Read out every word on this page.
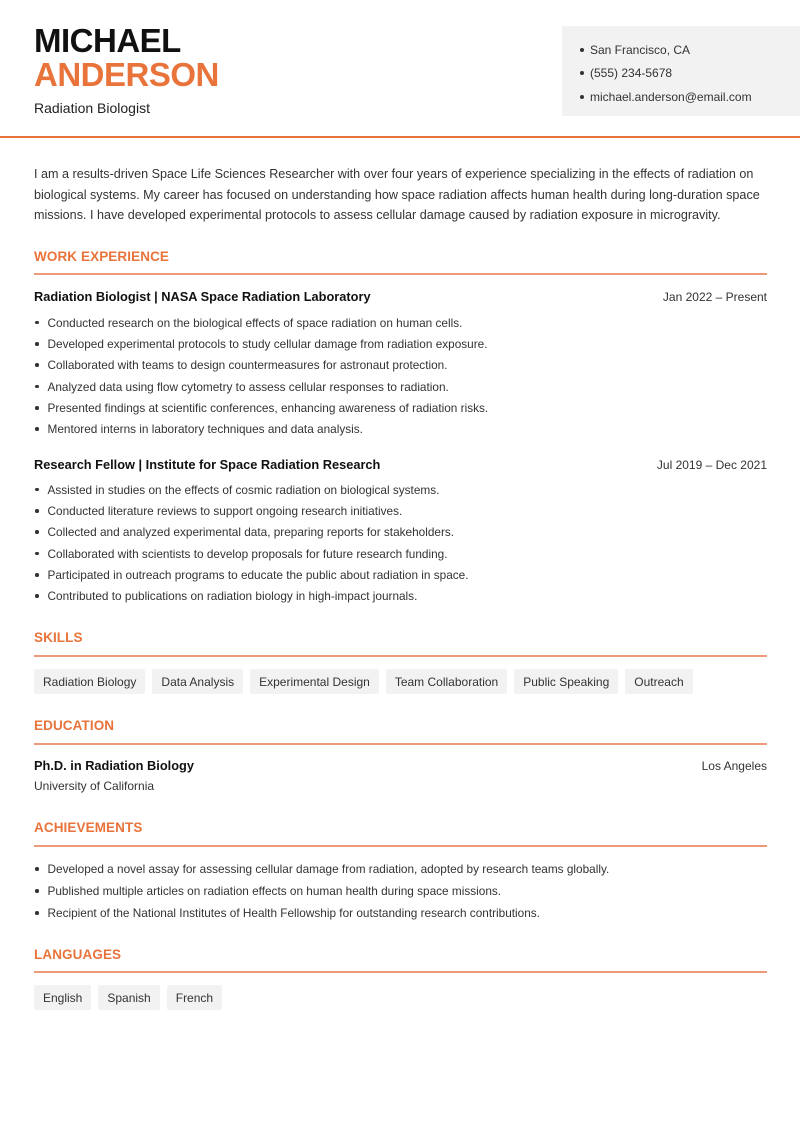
MICHAEL
ANDERSON
Radiation Biologist
San Francisco, CA
(555) 234-5678
michael.anderson@email.com

I am a results-driven Space Life Sciences Researcher with over four years of experience specializing in the effects of radiation on biological systems. My career has focused on understanding how space radiation affects human health during long-duration space missions. I have developed experimental protocols to assess cellular damage caused by radiation exposure in microgravity.

WORK EXPERIENCE
Radiation Biologist | NASA Space Radiation Laboratory	Jan 2022 – Present
Conducted research on the biological effects of space radiation on human cells.
Developed experimental protocols to study cellular damage from radiation exposure.
Collaborated with teams to design countermeasures for astronaut protection.
Analyzed data using flow cytometry to assess cellular responses to radiation.
Presented findings at scientific conferences, enhancing awareness of radiation risks.
Mentored interns in laboratory techniques and data analysis.
Research Fellow | Institute for Space Radiation Research	Jul 2019 – Dec 2021
Assisted in studies on the effects of cosmic radiation on biological systems.
Conducted literature reviews to support ongoing research initiatives.
Collected and analyzed experimental data, preparing reports for stakeholders.
Collaborated with scientists to develop proposals for future research funding.
Participated in outreach programs to educate the public about radiation in space.
Contributed to publications on radiation biology in high-impact journals.
SKILLS
Radiation Biology	Data Analysis	Experimental Design	Team Collaboration	Public Speaking	Outreach
EDUCATION
Ph.D. in Radiation Biology	Los Angeles
University of California
ACHIEVEMENTS
Developed a novel assay for assessing cellular damage from radiation, adopted by research teams globally.
Published multiple articles on radiation effects on human health during space missions.
Recipient of the National Institutes of Health Fellowship for outstanding research contributions.
LANGUAGES
English	Spanish	French
